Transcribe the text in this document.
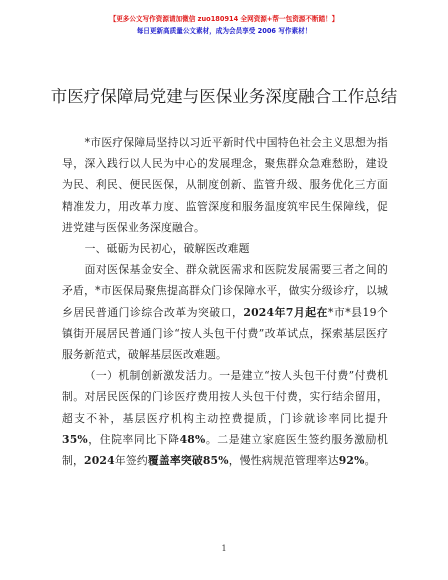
【更多公文写作资源请加微信 zuo180914 全网资源+帮一包资源不断踏！】
每日更新高质量公文素材，成为会员享受 2006 写作素材！
市医疗保障局党建与医保业务深度融合工作总结

*市医疗保障局坚持以习近平新时代中国特色社会主义思想为指导，深入践行以人民为中心的发展理念，聚焦群众急难愁盼，建设为民、利民、便民医保，从制度创新、监管升级、服务优化三方面精准发力，用改革力度、监管深度和服务温度筑牢民生保障线，促进党建与医保业务深度融合。

一、砥砺为民初心，破解医改难题

面对医保基金安全、群众就医需求和医院发展需要三者之间的矛盾，*市医保局聚焦提高群众门诊保障水平，做实分级诊疗，以城乡居民普通门诊综合改革为突破口，2024年7月起在*市*县19个镇街开展居民普通门诊“按人头包干付费”改革试点，探索基层医疗服务新范式，破解基层医改难题。

（一）机制创新激发活力。一是建立“按人头包干付费”付费机制。对居民医保的门诊医疗费用按人头包干付费，实行结余留用，超支不补，基层医疗机构主动控费提质，门诊就诊率同比提升35%，住院率同比下降48%。二是建立家庭医生签约服务激励机制，2024年签约覆盖率突破85%，慢性病规范管理率达92%。

1
